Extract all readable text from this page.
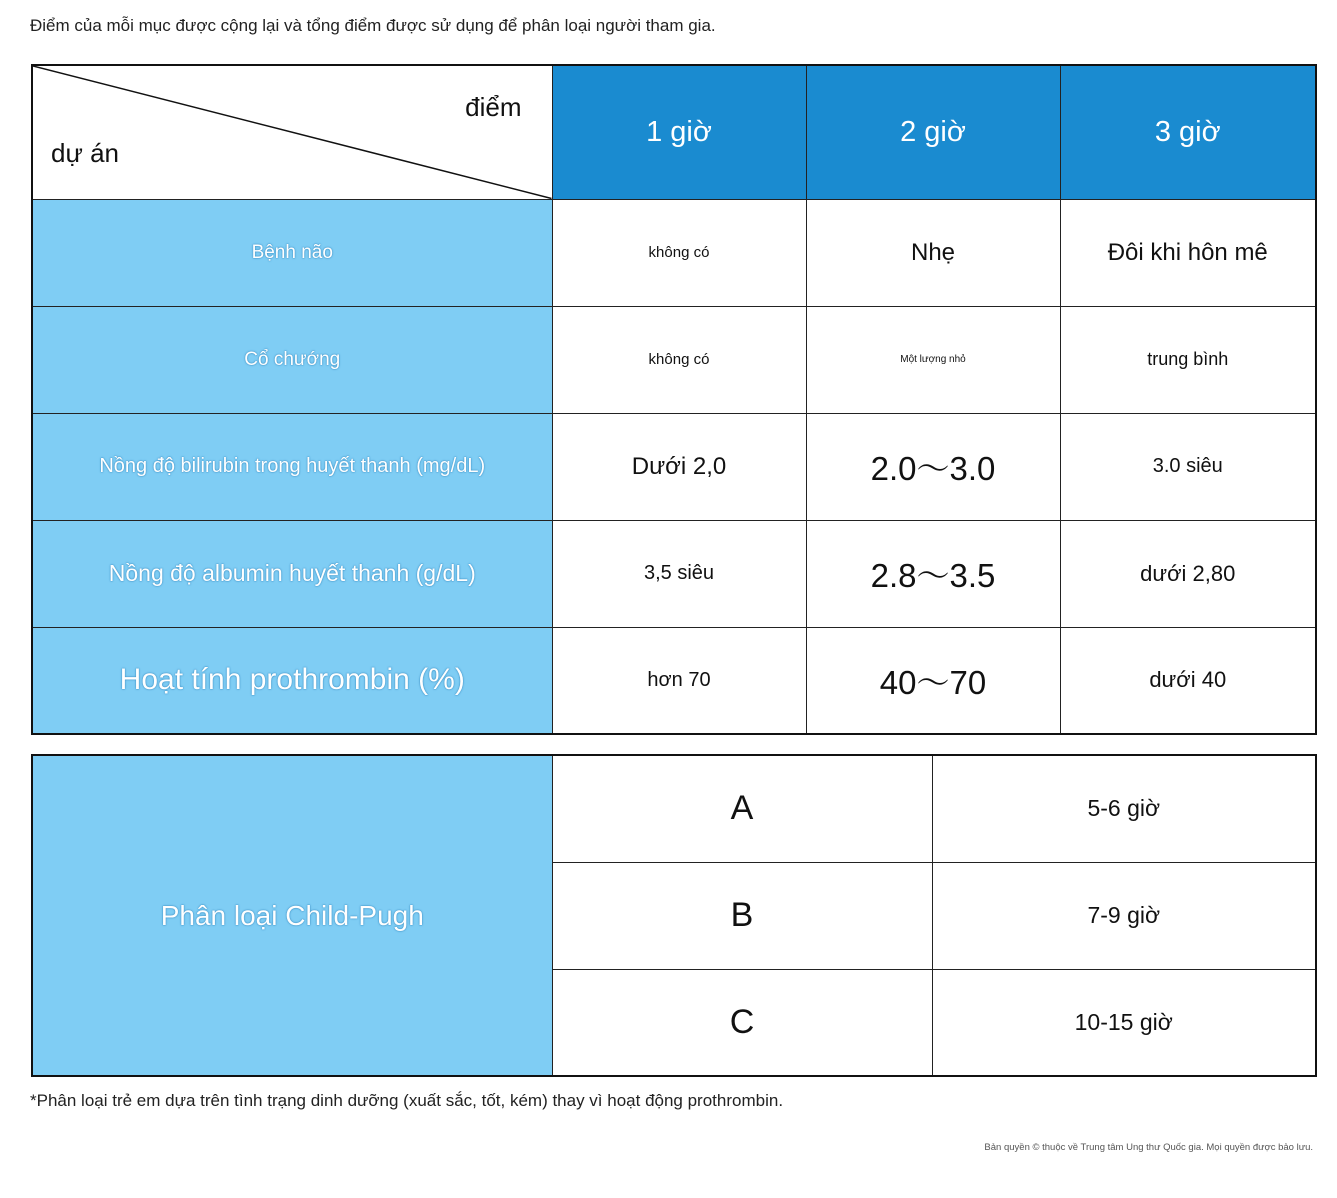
Điểm của mỗi mục được cộng lại và tổng điểm được sử dụng để phân loại người tham gia.
điểm
dự án	1 giờ	2 giờ	3 giờ
Bệnh não	không có	Nhẹ	Đôi khi hôn mê
Cổ chướng	không có	Một lượng nhỏ	trung bình
Nồng độ bilirubin trong huyết thanh (mg/dL)	Dưới 2,0	2.0～3.0	3.0 siêu
Nồng độ albumin huyết thanh (g/dL)	3,5 siêu	2.8～3.5	dưới 2,80
Hoạt tính prothrombin (%)	hơn 70	40～70	dưới 40
Phân loại Child-Pugh	A	5-6 giờ
	B	7-9 giờ
	C	10-15 giờ
*Phân loại trẻ em dựa trên tình trạng dinh dưỡng (xuất sắc, tốt, kém) thay vì hoạt động prothrombin.
Bản quyền © thuộc về Trung tâm Ung thư Quốc gia. Mọi quyền được bảo lưu.
